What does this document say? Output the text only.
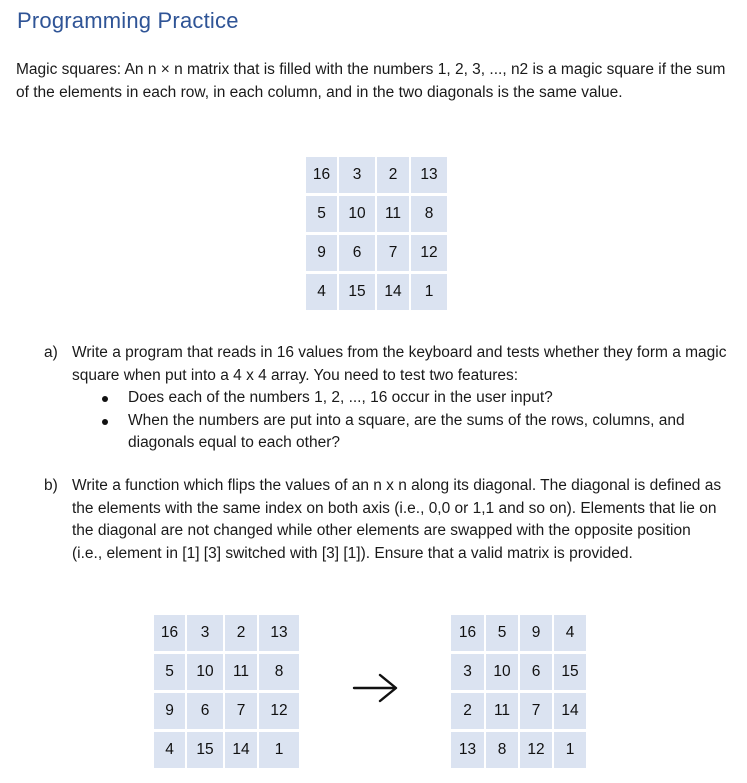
Programming Practice

Magic squares: An n × n matrix that is filled with the numbers 1, 2, 3, ..., n2 is a magic square if the sum of the elements in each row, in each column, and in the two diagonals is the same value.

16	3	2	13
5	10	11	8
9	6	7	12
4	15	14	1
a) Write a program that reads in 16 values from the keyboard and tests whether they form a magic square when put into a 4 x 4 array. You need to test two features:
Does each of the numbers 1, 2, ..., 16 occur in the user input?
When the numbers are put into a square, are the sums of the rows, columns, and diagonals equal to each other?
b) Write a function which flips the values of an n x n along its diagonal. The diagonal is defined as the elements with the same index on both axis (i.e., 0,0 or 1,1 and so on). Elements that lie on the diagonal are not changed while other elements are swapped with the opposite position (i.e., element in [1] [3] switched with [3] [1]). Ensure that a valid matrix is provided.
16	3	2	13
5	10	11	8
9	6	7	12
4	15	14	1
16	5	9	4
3	10	6	15
2	11	7	14
13	8	12	1
